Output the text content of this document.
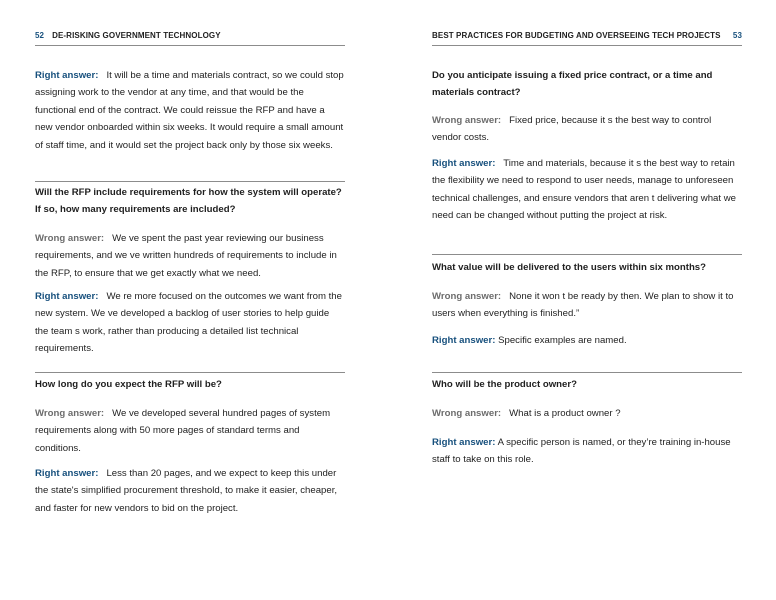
52 DE-RISKING GOVERNMENT TECHNOLOGY
Right answer: It will be a time and materials contract, so we could stop assigning work to the vendor at any time, and that would be the functional end of the contract. We could reissue the RFP and have a new vendor onboarded within six weeks. It would require a small amount of staff time, and it would set the project back only by those six weeks.
Will the RFP include requirements for how the system will operate? If so, how many requirements are included?
Wrong answer: We ve spent the past year reviewing our business requirements, and we ve written hundreds of requirements to include in the RFP, to ensure that we get exactly what we need.
Right answer: We re more focused on the outcomes we want from the new system. We ve developed a backlog of user stories to help guide the team s work, rather than producing a detailed list technical requirements.
How long do you expect the RFP will be?
Wrong answer: We ve developed several hundred pages of system requirements along with 50 more pages of standard terms and conditions.
Right answer: Less than 20 pages, and we expect to keep this under the state's simplified procurement threshold, to make it easier, cheaper, and faster for new vendors to bid on the project.
BEST PRACTICES FOR BUDGETING AND OVERSEEING TECH PROJECTS 53
Do you anticipate issuing a fixed price contract, or a time and materials contract?
Wrong answer: Fixed price, because it s the best way to control vendor costs.
Right answer: Time and materials, because it s the best way to retain the flexibility we need to respond to user needs, manage to unforeseen technical challenges, and ensure vendors that aren t delivering what we need can be changed without putting the project at risk.
What value will be delivered to the users within six months?
Wrong answer: None it won t be ready by then. We plan to show it to users when everything is finished.”
Right answer: Specific examples are named.
Who will be the product owner?
Wrong answer: What is a product owner ?
Right answer: A specific person is named, or they’re training in-house staff to take on this role.
